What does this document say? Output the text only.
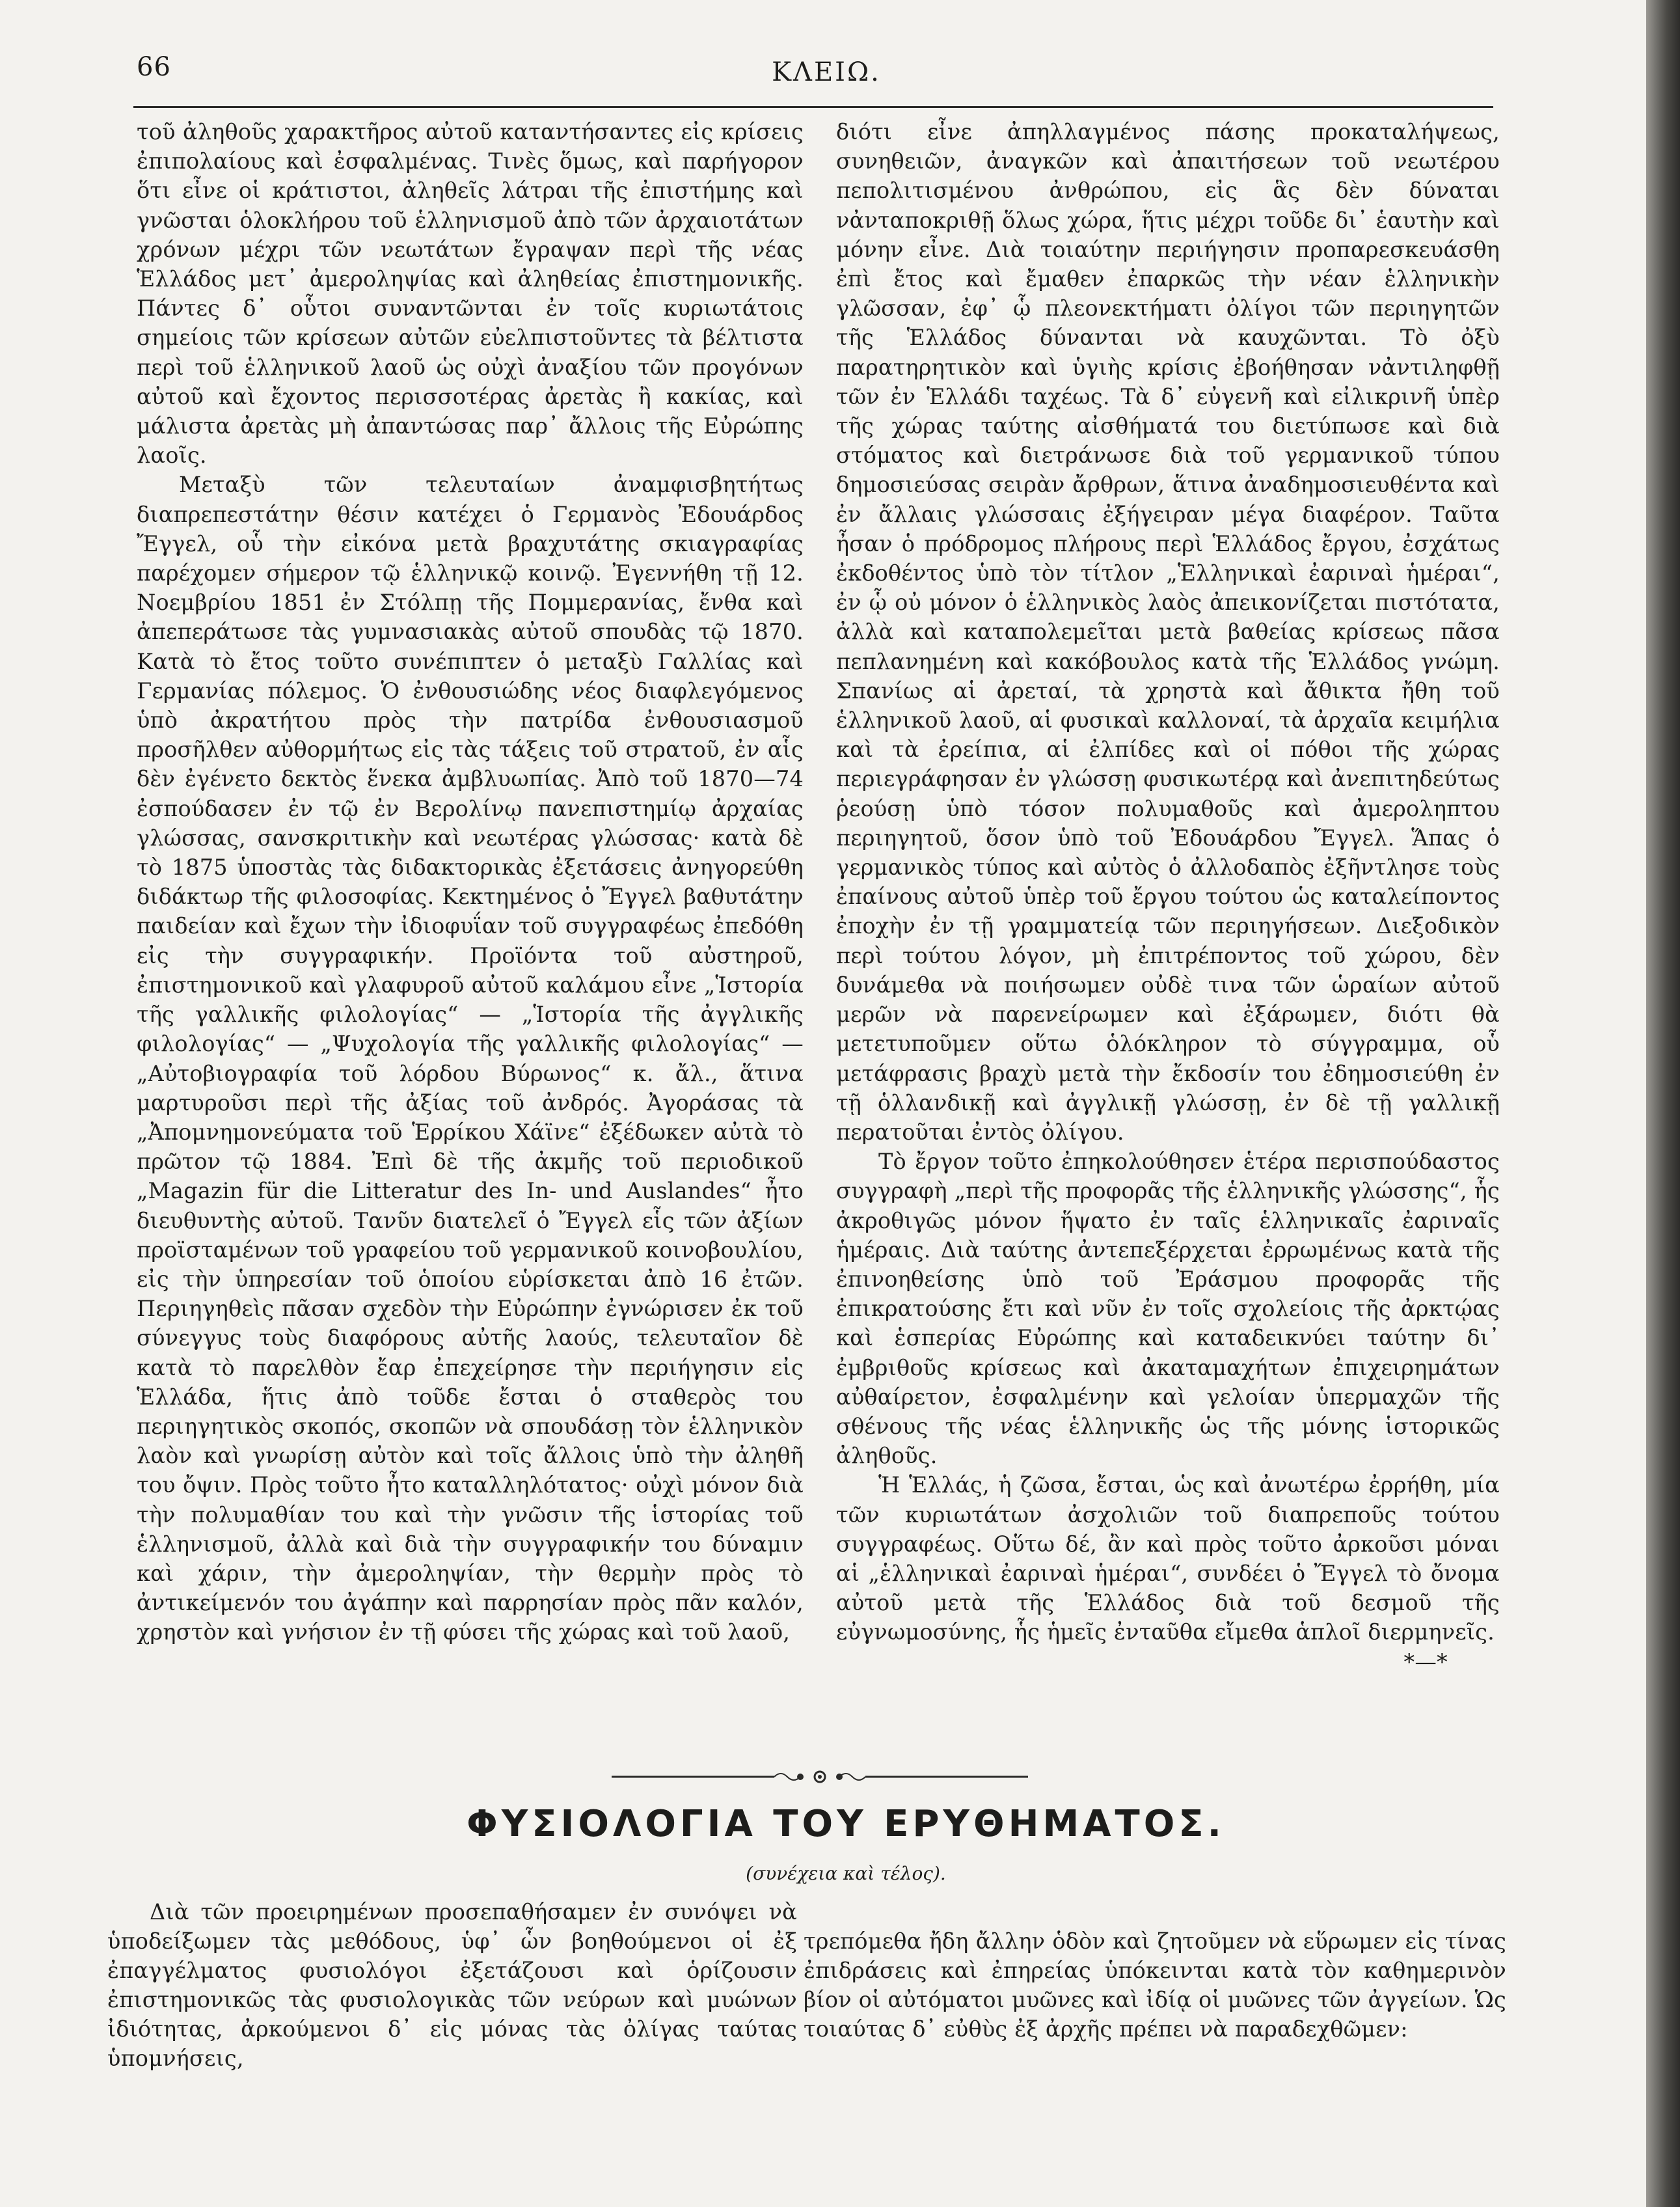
66	ΚΛΕΙΩ.

τοῦ ἀληθοῦς χαρακτῆρος αὐτοῦ καταντήσαντες εἰς κρίσεις ἐπιπολαίους καὶ ἐσφαλμένας. Τινὲς ὅμως, καὶ παρήγορον ὅτι εἶνε οἱ κράτιστοι, ἀληθεῖς λάτραι τῆς ἐπιστήμης καὶ γνῶσται ὁλοκλήρου τοῦ ἑλληνισμοῦ ἀπὸ τῶν ἀρχαιοτάτων χρόνων μέχρι τῶν νεωτάτων ἔγραψαν περὶ τῆς νέας Ἑλλάδος μετ᾽ ἀμεροληψίας καὶ ἀληθείας ἐπιστημονικῆς. Πάντες δ᾽ οὗτοι συναντῶνται ἐν τοῖς κυριωτάτοις σημείοις τῶν κρίσεων αὐτῶν εὐελπιστοῦντες τὰ βέλτιστα περὶ τοῦ ἑλληνικοῦ λαοῦ ὡς οὐχὶ ἀναξίου τῶν προγόνων αὐτοῦ καὶ ἔχοντος περισσοτέρας ἀρετὰς ἢ κακίας, καὶ μάλιστα ἀρετὰς μὴ ἀπαντώσας παρ᾽ ἄλλοις τῆς Εὐρώπης λαοῖς.

Μεταξὺ τῶν τελευταίων ἀναμφισβητήτως διαπρεπεστάτην θέσιν κατέχει ὁ Γερμανὸς Ἐδουάρδος Ἔγγελ, οὗ τὴν εἰκόνα μετὰ βραχυτάτης σκιαγραφίας παρέχομεν σήμερον τῷ ἑλληνικῷ κοινῷ. Ἐγεννήθη τῇ 12. Νοεμβρίου 1851 ἐν Στόλπῃ τῆς Πομμερανίας, ἔνθα καὶ ἀπεπεράτωσε τὰς γυμνασιακὰς αὐτοῦ σπουδὰς τῷ 1870. Κατὰ τὸ ἔτος τοῦτο συνέπιπτεν ὁ μεταξὺ Γαλλίας καὶ Γερμανίας πόλεμος. Ὁ ἐνθουσιώδης νέος διαφλεγόμενος ὑπὸ ἀκρατήτου πρὸς τὴν πατρίδα ἐνθουσιασμοῦ προσῆλθεν αὐθορμήτως εἰς τὰς τάξεις τοῦ στρατοῦ, ἐν αἷς δὲν ἐγένετο δεκτὸς ἕνεκα ἀμβλυωπίας. Ἀπὸ τοῦ 1870—74 ἐσπούδασεν ἐν τῷ ἐν Βερολίνῳ πανεπιστημίῳ ἀρχαίας γλώσσας, σανσκριτικὴν καὶ νεωτέρας γλώσσας· κατὰ δὲ τὸ 1875 ὑποστὰς τὰς διδακτορικὰς ἐξετάσεις ἀνηγορεύθη διδάκτωρ τῆς φιλοσοφίας. Κεκτημένος ὁ Ἔγγελ βαθυτάτην παιδείαν καὶ ἔχων τὴν ἰδιοφυΐαν τοῦ συγγραφέως ἐπεδόθη εἰς τὴν συγγραφικήν. Προϊόντα τοῦ αὐστηροῦ, ἐπιστημονικοῦ καὶ γλαφυροῦ αὐτοῦ καλάμου εἶνε „Ἱστορία τῆς γαλλικῆς φιλολογίας“ — „Ἱστορία τῆς ἀγγλικῆς φιλολογίας“ — „Ψυχολογία τῆς γαλλικῆς φιλολογίας“ — „Αὐτοβιογραφία τοῦ λόρδου Βύρωνος“ κ. ἄλ., ἅτινα μαρτυροῦσι περὶ τῆς ἀξίας τοῦ ἀνδρός. Ἀγοράσας τὰ „Ἀπομνημονεύματα τοῦ Ἑρρίκου Χάϊνε“ ἐξέδωκεν αὐτὰ τὸ πρῶτον τῷ 1884. Ἐπὶ δὲ τῆς ἀκμῆς τοῦ περιοδικοῦ „Magazin für die Litteratur des In- und Auslandes“ ἦτο διευθυντὴς αὐτοῦ. Τανῦν διατελεῖ ὁ Ἔγγελ εἷς τῶν ἀξίων προϊσταμένων τοῦ γραφείου τοῦ γερμανικοῦ κοινοβουλίου, εἰς τὴν ὑπηρεσίαν τοῦ ὁποίου εὑρίσκεται ἀπὸ 16 ἐτῶν. Περιηγηθεὶς πᾶσαν σχεδὸν τὴν Εὐρώπην ἐγνώρισεν ἐκ τοῦ σύνεγγυς τοὺς διαφόρους αὐτῆς λαούς, τελευταῖον δὲ κατὰ τὸ παρελθὸν ἔαρ ἐπεχείρησε τὴν περιήγησιν εἰς Ἑλλάδα, ἥτις ἀπὸ τοῦδε ἔσται ὁ σταθερὸς του περιηγητικὸς σκοπός, σκοπῶν νὰ σπουδάσῃ τὸν ἑλληνικὸν λαὸν καὶ γνωρίσῃ αὐτὸν καὶ τοῖς ἄλλοις ὑπὸ τὴν ἀληθῆ του ὄψιν. Πρὸς τοῦτο ἦτο καταλληλότατος· οὐχὶ μόνον διὰ τὴν πολυμαθίαν του καὶ τὴν γνῶσιν τῆς ἱστορίας τοῦ ἑλληνισμοῦ, ἀλλὰ καὶ διὰ τὴν συγγραφικήν του δύναμιν καὶ χάριν, τὴν ἀμεροληψίαν, τὴν θερμὴν πρὸς τὸ ἀντικείμενόν του ἀγάπην καὶ παρρησίαν πρὸς πᾶν καλόν, χρηστὸν καὶ γνήσιον ἐν τῇ φύσει τῆς χώρας καὶ τοῦ λαοῦ,

διότι εἶνε ἀπηλλαγμένος πάσης προκαταλήψεως, συνηθειῶν, ἀναγκῶν καὶ ἀπαιτήσεων τοῦ νεωτέρου πεπολιτισμένου ἀνθρώπου, εἰς ἃς δὲν δύναται νἀνταποκριθῇ ὅλως χώρα, ἥτις μέχρι τοῦδε δι᾽ ἑαυτὴν καὶ μόνην εἶνε. Διὰ τοιαύτην περιήγησιν προπαρεσκευάσθη ἐπὶ ἔτος καὶ ἔμαθεν ἐπαρκῶς τὴν νέαν ἑλληνικὴν γλῶσσαν, ἐφ᾽ ᾧ πλεονεκτήματι ὀλίγοι τῶν περιηγητῶν τῆς Ἑλλάδος δύνανται νὰ καυχῶνται. Τὸ ὀξὺ παρατηρητικὸν καὶ ὑγιὴς κρίσις ἐβοήθησαν νἀντιληφθῇ τῶν ἐν Ἑλλάδι ταχέως. Τὰ δ᾽ εὐγενῆ καὶ εἰλικρινῆ ὑπὲρ τῆς χώρας ταύτης αἰσθήματά του διετύπωσε καὶ διὰ στόματος καὶ διετράνωσε διὰ τοῦ γερμανικοῦ τύπου δημοσιεύσας σειρὰν ἄρθρων, ἅτινα ἀναδημοσιευθέντα καὶ ἐν ἄλλαις γλώσσαις ἐξήγειραν μέγα διαφέρον. Ταῦτα ἦσαν ὁ πρόδρομος πλήρους περὶ Ἑλλάδος ἔργου, ἐσχάτως ἐκδοθέντος ὑπὸ τὸν τίτλον „Ἑλληνικαὶ ἐαριναὶ ἡμέραι“, ἐν ᾧ οὐ μόνον ὁ ἑλληνικὸς λαὸς ἀπεικονίζεται πιστότατα, ἀλλὰ καὶ καταπολεμεῖται μετὰ βαθείας κρίσεως πᾶσα πεπλανημένη καὶ κακόβουλος κατὰ τῆς Ἑλλάδος γνώμη. Σπανίως αἱ ἀρεταί, τὰ χρηστὰ καὶ ἄθικτα ἤθη τοῦ ἑλληνικοῦ λαοῦ, αἱ φυσικαὶ καλλοναί, τὰ ἀρχαῖα κειμήλια καὶ τὰ ἐρείπια, αἱ ἐλπίδες καὶ οἱ πόθοι τῆς χώρας περιεγράφησαν ἐν γλώσσῃ φυσικωτέρᾳ καὶ ἀνεπιτηδεύτως ῥεούσῃ ὑπὸ τόσον πολυμαθοῦς καὶ ἀμεροληπτου περιηγητοῦ, ὅσον ὑπὸ τοῦ Ἐδουάρδου Ἔγγελ. Ἅπας ὁ γερμανικὸς τύπος καὶ αὐτὸς ὁ ἀλλοδαπὸς ἐξῆντλησε τοὺς ἐπαίνους αὐτοῦ ὑπὲρ τοῦ ἔργου τούτου ὡς καταλείποντος ἐποχὴν ἐν τῇ γραμματείᾳ τῶν περιηγήσεων. Διεξοδικὸν περὶ τούτου λόγον, μὴ ἐπιτρέποντος τοῦ χώρου, δὲν δυνάμεθα νὰ ποιήσωμεν οὐδὲ τινα τῶν ὡραίων αὐτοῦ μερῶν νὰ παρενείρωμεν καὶ ἐξάρωμεν, διότι θὰ μετετυποῦμεν οὕτω ὁλόκληρον τὸ σύγγραμμα, οὗ μετάφρασις βραχὺ μετὰ τὴν ἔκδοσίν του ἐδημοσιεύθη ἐν τῇ ὁλλανδικῇ καὶ ἀγγλικῇ γλώσσῃ, ἐν δὲ τῇ γαλλικῇ περατοῦται ἐντὸς ὀλίγου.

Τὸ ἔργον τοῦτο ἐπηκολούθησεν ἑτέρα περισπούδαστος συγγραφὴ „περὶ τῆς προφορᾶς τῆς ἑλληνικῆς γλώσσης“, ἧς ἀκροθιγῶς μόνον ἥψατο ἐν ταῖς ἑλληνικαῖς ἐαριναῖς ἡμέραις. Διὰ ταύτης ἀντεπεξέρχεται ἐρρωμένως κατὰ τῆς ἐπινοηθείσης ὑπὸ τοῦ Ἐράσμου προφορᾶς τῆς ἐπικρατούσης ἔτι καὶ νῦν ἐν τοῖς σχολείοις τῆς ἀρκτῴας καὶ ἑσπερίας Εὐρώπης καὶ καταδεικνύει ταύτην δι᾽ ἐμβριθοῦς κρίσεως καὶ ἀκαταμαχήτων ἐπιχειρημάτων αὐθαίρετον, ἐσφαλμένην καὶ γελοίαν ὑπερμαχῶν τῆς σθένους τῆς νέας ἑλληνικῆς ὡς τῆς μόνης ἱστορικῶς ἀληθοῦς.

Ἡ Ἑλλάς, ἡ ζῶσα, ἔσται, ὡς καὶ ἀνωτέρω ἐρρήθη, μία τῶν κυριωτάτων ἀσχολιῶν τοῦ διαπρεποῦς τούτου συγγραφέως. Οὕτω δέ, ἂν καὶ πρὸς τοῦτο ἀρκοῦσι μόναι αἱ „ἑλληνικαὶ ἐαριναὶ ἡμέραι“, συνδέει ὁ Ἔγγελ τὸ ὄνομα αὐτοῦ μετὰ τῆς Ἑλλάδος διὰ τοῦ δεσμοῦ τῆς εὐγνωμοσύνης, ἧς ἡμεῖς ἐνταῦθα εἴμεθα ἁπλοῖ διερμηνεῖς.

*—*

ΦΥΣΙΟΛΟΓΙΑ ΤΟΥ ΕΡΥΘΗΜΑΤΟΣ.
(συνέχεια καὶ τέλος).

Διὰ τῶν προειρημένων προσεπαθήσαμεν ἐν συνόψει νὰ ὑποδείξωμεν τὰς μεθόδους, ὑφ᾽ ὧν βοηθούμενοι οἱ ἐξ ἐπαγγέλματος φυσιολόγοι ἐξετάζουσι καὶ ὁρίζουσιν ἐπιστημονικῶς τὰς φυσιολογικὰς τῶν νεύρων καὶ μυώνων ἰδιότητας, ἀρκούμενοι δ᾽ εἰς μόνας τὰς ὀλίγας ταύτας ὑπομνήσεις,

τρεπόμεθα ἤδη ἄλλην ὁδὸν καὶ ζητοῦμεν νὰ εὕρωμεν εἰς τίνας ἐπιδράσεις καὶ ἐπηρείας ὑπόκεινται κατὰ τὸν καθημερινὸν βίον οἱ αὐτόματοι μυῶνες καὶ ἰδίᾳ οἱ μυῶνες τῶν ἀγγείων. Ὡς τοιαύτας δ᾽ εὐθὺς ἐξ ἀρχῆς πρέπει νὰ παραδεχθῶμεν:
